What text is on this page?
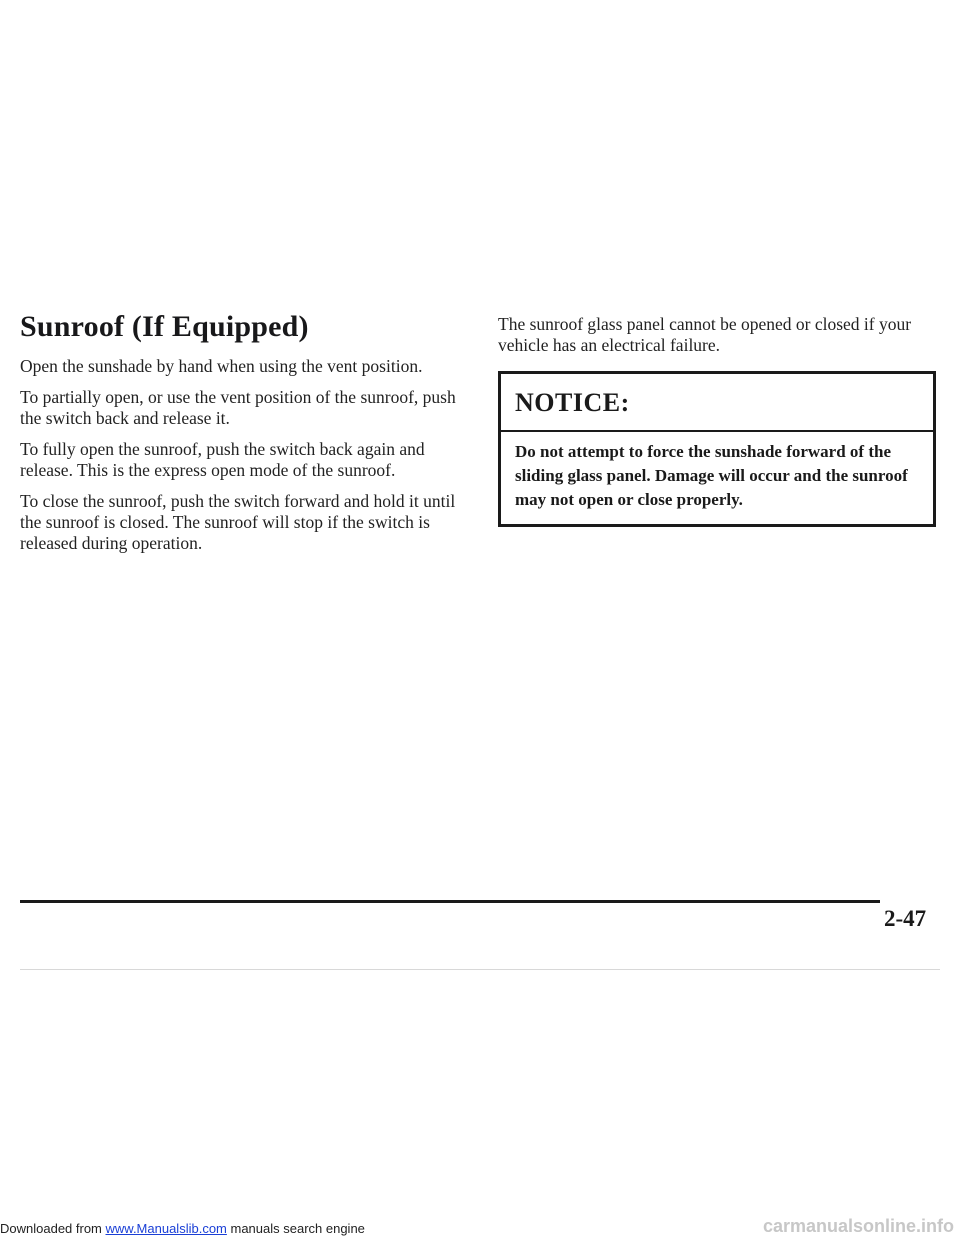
Sunroof (If Equipped)

Open the sunshade by hand when using the vent position.

To partially open, or use the vent position of the sunroof, push the switch back and release it.

To fully open the sunroof, push the switch back again and release. This is the express open mode of the sunroof.

To close the sunroof, push the switch forward and hold it until the sunroof is closed. The sunroof will stop if the switch is released during operation.

The sunroof glass panel cannot be opened or closed if your vehicle has an electrical failure.

NOTICE:
Do not attempt to force the sunshade forward of the sliding glass panel. Damage will occur and the sunroof may not open or close properly.
2-47
Downloaded from www.Manualslib.com manuals search engine	carmanualsonline.info
